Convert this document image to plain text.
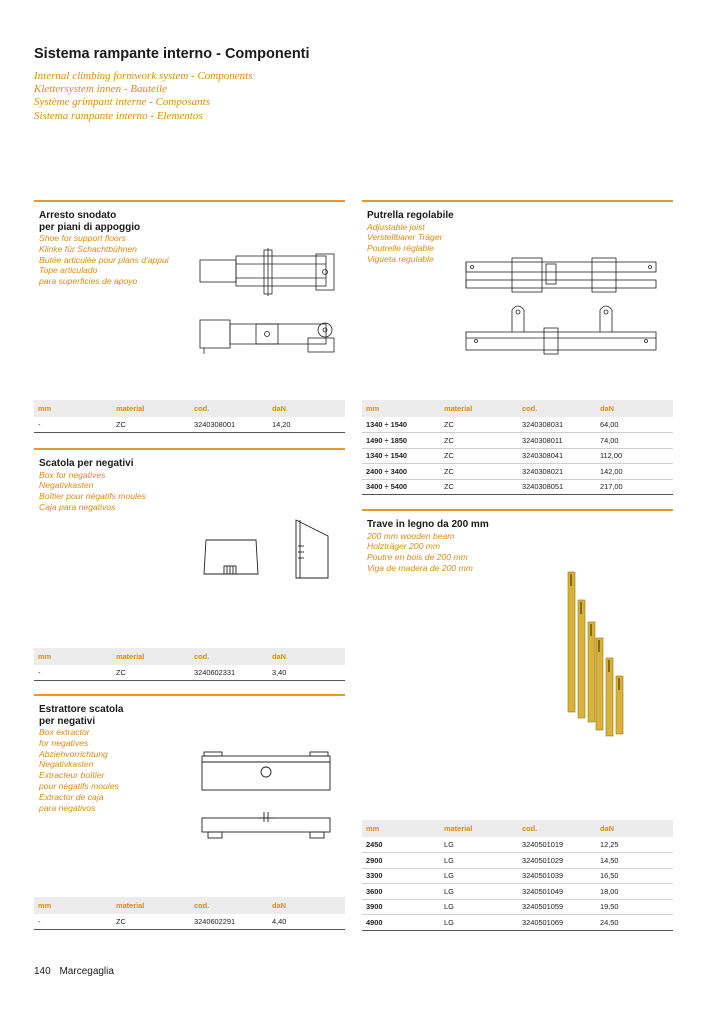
Sistema rampante interno - Componenti
Internal climbing formwork system - Components
Klettersystem innen - Bauteile
Système grimpant interne - Composants
Sistema rampante interno - Elementos
Arresto snodato
per piani di appoggio
Shoe for support floors
Klinke für Schachtbühnen
Butée articulée pour plans d'appui
Tope articulado
para superficies de apoyo
mm	material	cod.	daN
-	ZC	3240308001	14,20
Scatola per negativi
Box for negatives
Negativkasten
Boîtier pour négatifs moules
Caja para negativos
mm	material	cod.	daN
-	ZC	3240602331	3,40
Estrattore scatola
per negativi
Box extractor
for negatives
Abziehvorrichtung
Negativkasten
Extracteur boîtier
pour négatifs moules
Extractor de caja
para negativos
mm	material	cod.	daN
-	ZC	3240602291	4,40
Putrella regolabile
Adjustable joist
Verstellbarer Träger
Poutrelle réglable
Vigueta regulable
mm	material	cod.	daN
1340 ÷ 1540	ZC	3240308031	64,00
1490 ÷ 1850	ZC	3240308011	74,00
1340 ÷ 1540	ZC	3240308041	112,00
2400 ÷ 3400	ZC	3240308021	142,00
3400 ÷ 5400	ZC	3240308051	217,00
Trave in legno da 200 mm
200 mm wooden beam
Holzträger 200 mm
Poutre en bois de 200 mm
Viga de madera de 200 mm
mm	material	cod.	daN
2450	LG	3240501019	12,25
2900	LG	3240501029	14,50
3300	LG	3240501039	16,50
3600	LG	3240501049	18,00
3900	LG	3240501059	19,50
4900	LG	3240501069	24,50
140 Marcegaglia
